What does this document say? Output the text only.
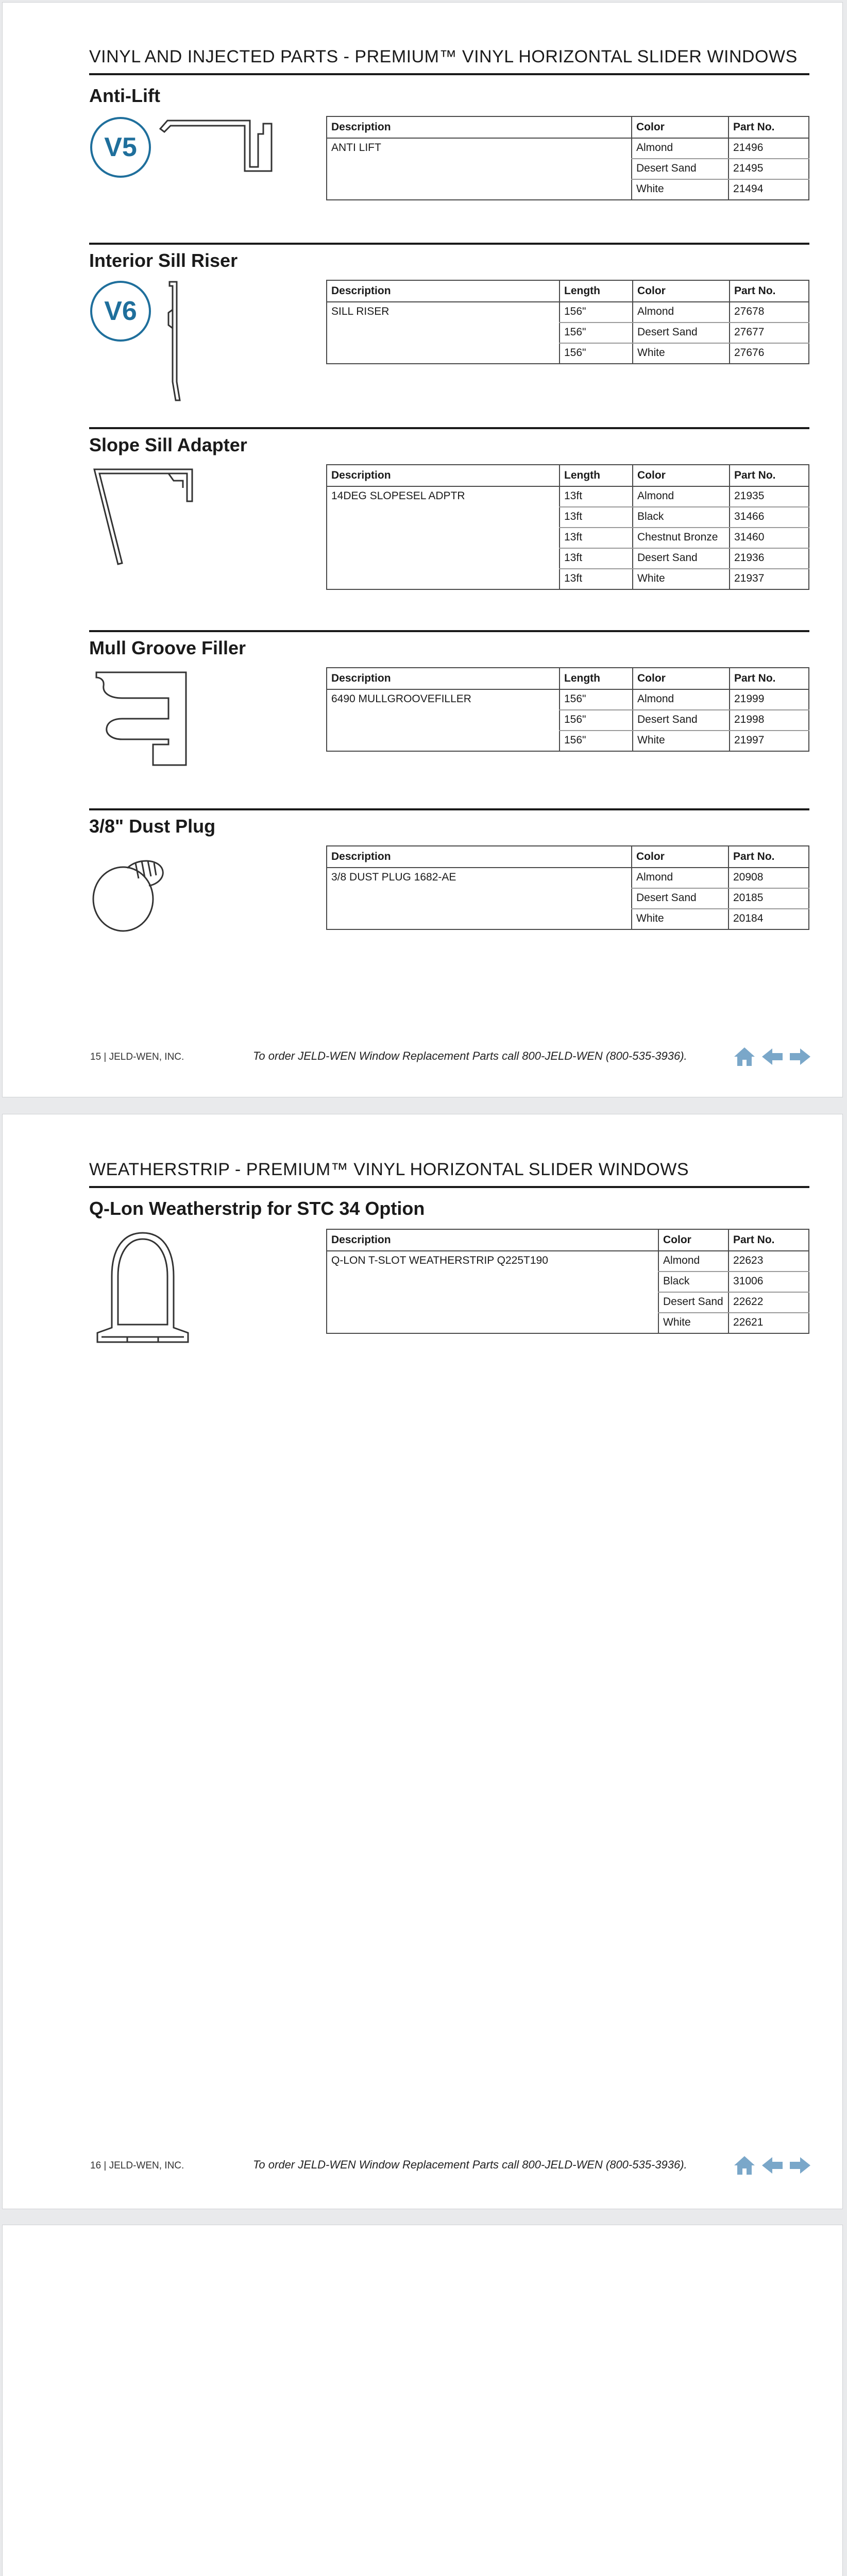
VINYL AND INJECTED PARTS - PREMIUM™ VINYL HORIZONTAL SLIDER WINDOWS
Anti-Lift
V5
Description	Color	Part No.
ANTI LIFT	Almond	21496
	Desert Sand	21495
	White	21494
Interior Sill Riser
V6
Description	Length	Color	Part No.
SILL RISER	156"	Almond	27678
	156"	Desert Sand	27677
	156"	White	27676
Slope Sill Adapter
Description	Length	Color	Part No.
14DEG SLOPESEL ADPTR	13ft	Almond	21935
	13ft	Black	31466
	13ft	Chestnut Bronze	31460
	13ft	Desert Sand	21936
	13ft	White	21937
Mull Groove Filler
Description	Length	Color	Part No.
6490 MULLGROOVEFILLER	156"	Almond	21999
	156"	Desert Sand	21998
	156"	White	21997
3/8" Dust Plug
Description	Color	Part No.
3/8 DUST PLUG 1682-AE	Almond	20908
	Desert Sand	20185
	White	20184
15 | JELD-WEN, INC.	To order JELD-WEN Window Replacement Parts call 800-JELD-WEN (800-535-3936).
WEATHERSTRIP - PREMIUM™ VINYL HORIZONTAL SLIDER WINDOWS
Q-Lon Weatherstrip for STC 34 Option
Description	Color	Part No.
Q-LON T-SLOT WEATHERSTRIP Q225T190	Almond	22623
	Black	31006
	Desert Sand	22622
	White	22621
16 | JELD-WEN, INC.	To order JELD-WEN Window Replacement Parts call 800-JELD-WEN (800-535-3936).
